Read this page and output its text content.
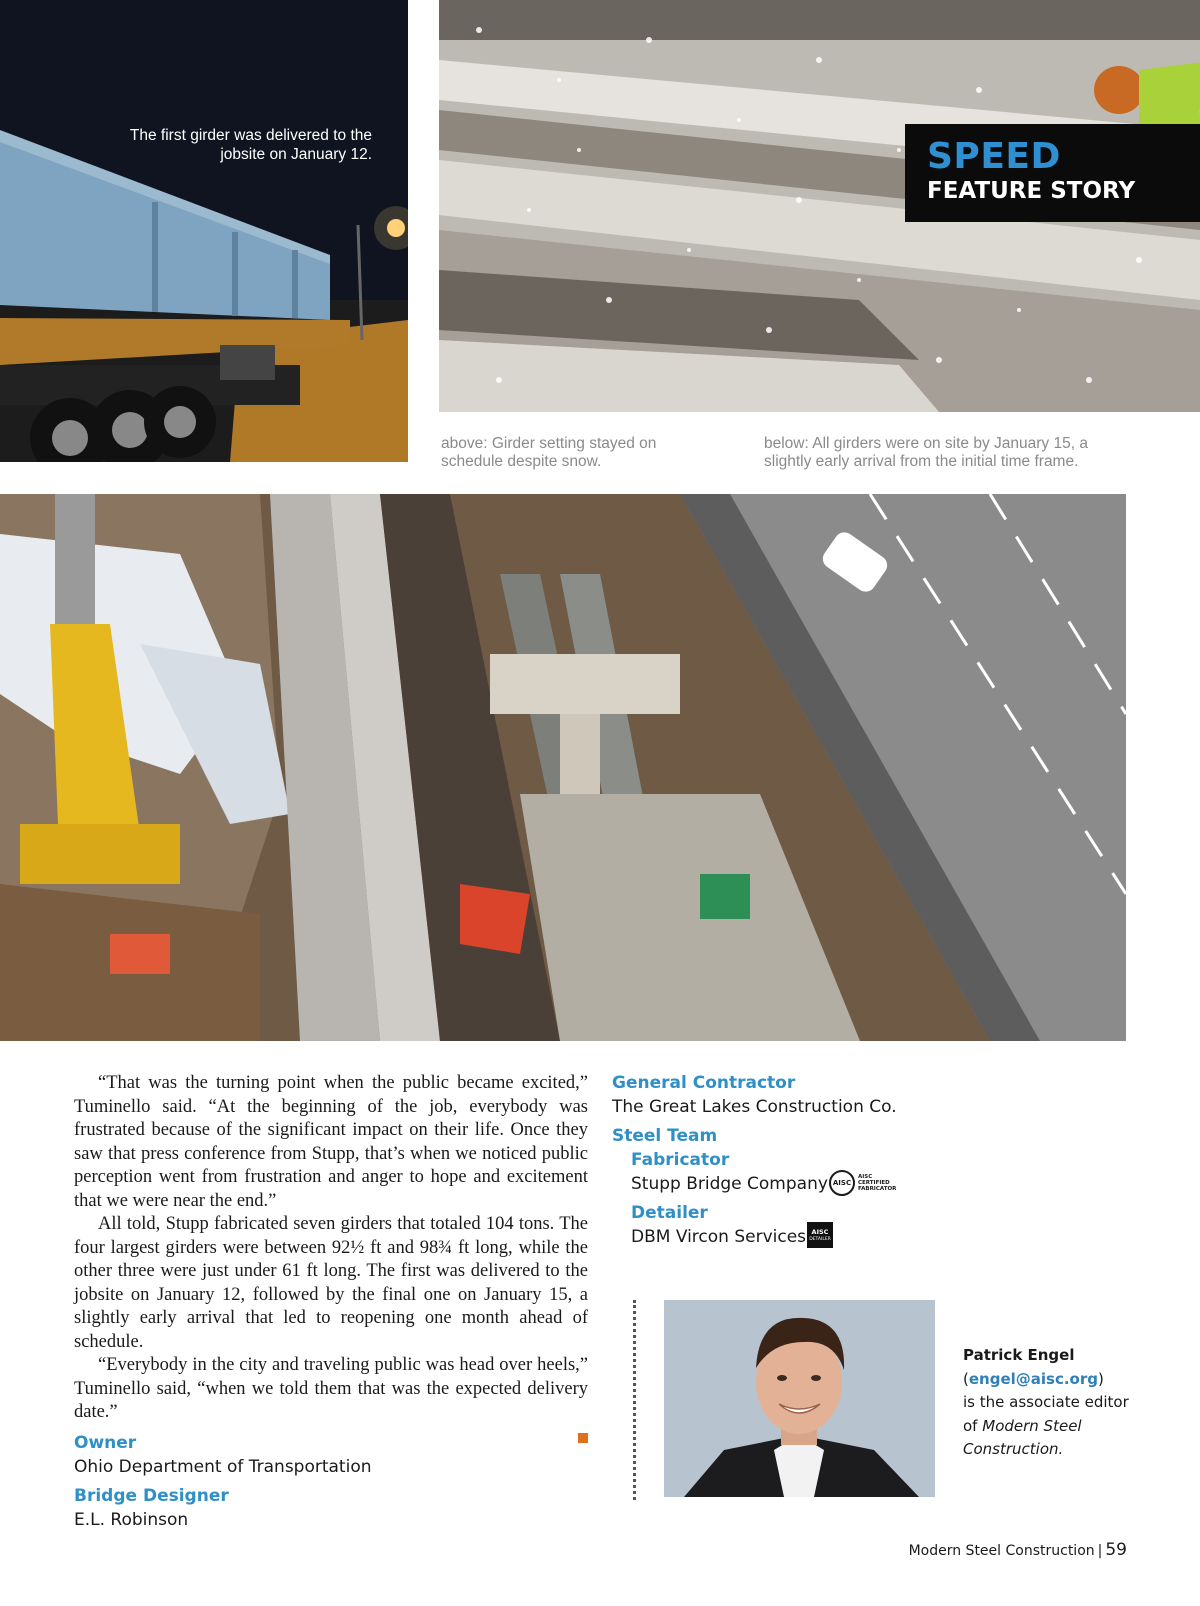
The first girder was delivered to the jobsite on January 12.	SPEED
FEATURE STORY
above: Girder setting stayed on schedule despite snow.
below: All girders were on site by January 15, a slightly early arrival from the initial time frame.

“That was the turning point when the public became excited,” Tuminello said. “At the beginning of the job, everybody was frustrated because of the significant impact on their life. Once they saw that press conference from Stupp, that’s when we noticed public perception went from frustration and anger to hope and excitement that we were near the end.”

All told, Stupp fabricated seven girders that totaled 104 tons. The four largest girders were between 92½ ft and 98¾ ft long, while the other three were just under 61 ft long. The first was delivered to the jobsite on January 12, followed by the final one on January 15, a slightly early arrival that led to reopening one month ahead of schedule.

“Everybody in the city and traveling public was head over heels,” Tuminello said, “when we told them that was the expected delivery date.”

Owner
Ohio Department of Transportation
Bridge Designer
E.L. Robinson
General Contractor
The Great Lakes Construction Co.
Steel Team
Fabricator
Stupp Bridge Company AISC
AISC
CERTIFIED
FABRICATOR
Detailer
DBM Vircon Services AISC
DETAILER
Patrick Engel
(engel@aisc.org)
is the associate editor
of Modern Steel Construction.
Modern Steel Construction | 59
